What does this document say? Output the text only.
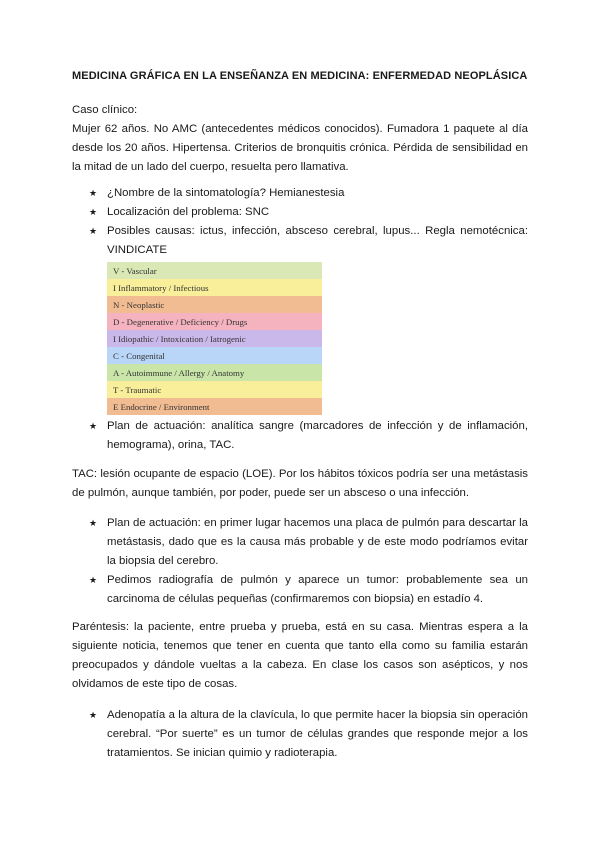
MEDICINA GRÁFICA EN LA ENSEÑANZA EN MEDICINA: ENFERMEDAD NEOPLÁSICA
Caso clínico:
Mujer 62 años. No AMC (antecedentes médicos conocidos). Fumadora 1 paquete al día desde los 20 años. Hipertensa. Criterios de bronquitis crónica. Pérdida de sensibilidad en la mitad de un lado del cuerpo, resuelta pero llamativa.
★ ¿Nombre de la sintomatología? Hemianestesia
★ Localización del problema: SNC
★ Posibles causas: ictus, infección, absceso cerebral, lupus... Regla nemotécnica: VINDICATE
V - Vascular
I Inflammatory / Infectious
N - Neoplastic
D - Degenerative / Deficiency / Drugs
I Idiopathic / Intoxication / Iatrogenic
C - Congenital
A - Autoimmune / Allergy / Anatomy
T - Traumatic
E Endocrine / Environment
★ Plan de actuación: analítica sangre (marcadores de infección y de inflamación, hemograma), orina, TAC.
TAC: lesión ocupante de espacio (LOE). Por los hábitos tóxicos podría ser una metástasis de pulmón, aunque también, por poder, puede ser un absceso o una infección.
★ Plan de actuación: en primer lugar hacemos una placa de pulmón para descartar la metástasis, dado que es la causa más probable y de este modo podríamos evitar la biopsia del cerebro.
★ Pedimos radiografía de pulmón y aparece un tumor: probablemente sea un carcinoma de células pequeñas (confirmaremos con biopsia) en estadío 4.
Paréntesis: la paciente, entre prueba y prueba, está en su casa. Mientras espera a la siguiente noticia, tenemos que tener en cuenta que tanto ella como su familia estarán preocupados y dándole vueltas a la cabeza. En clase los casos son asépticos, y nos olvidamos de este tipo de cosas.
★ Adenopatía a la altura de la clavícula, lo que permite hacer la biopsia sin operación cerebral. “Por suerte” es un tumor de células grandes que responde mejor a los tratamientos. Se inician quimio y radioterapia.
